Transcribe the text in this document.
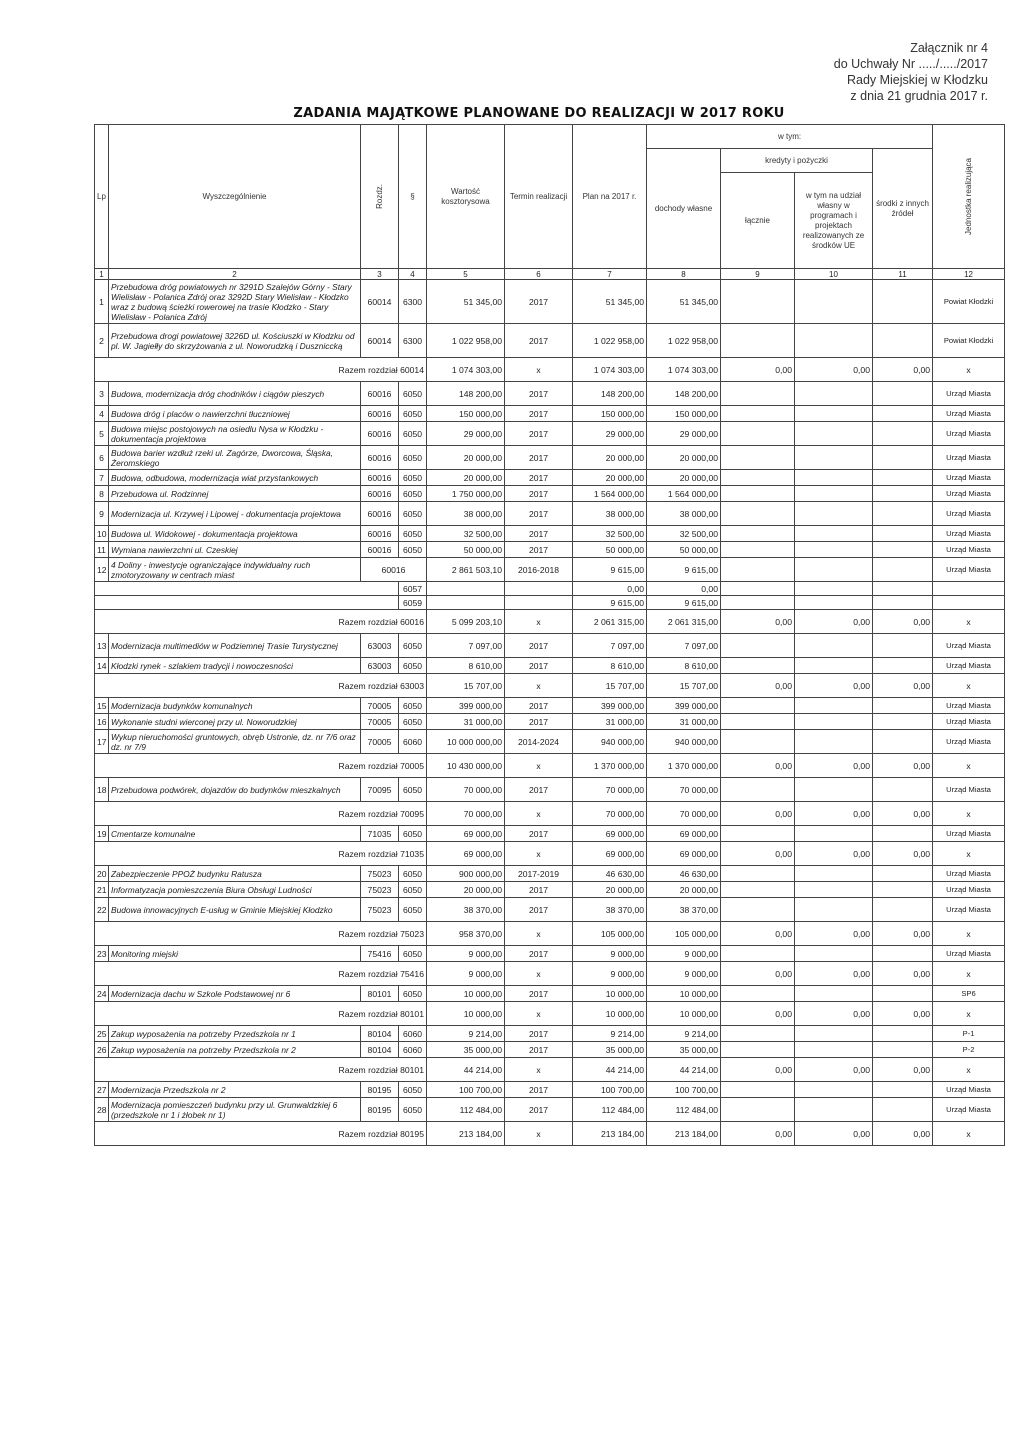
Załącznik nr 4
do Uchwały Nr ...../...../2017
Rady Miejskiej w Kłodzku
z dnia 21 grudnia 2017 r.
ZADANIA MAJĄTKOWE PLANOWANE DO REALIZACJI W 2017 ROKU
Lp	Wyszczególnienie	Rozdz.	§	Wartość kosztorysowa	Termin realizacji	Plan na 2017 r.	w tym:				Jednostka realizująca

							dochody własne	kredyty i pożyczki		środki z innych źródeł	
								łącznie	w tym na udział własny w programach i projektach realizowanych ze środków UE		
1	2	3	4	5	6	7	8	9	10	11	12
1	Przebudowa dróg powiatowych nr 3291D Szalejów Górny - Stary Wielisław - Polanica Zdrój oraz 3292D Stary Wielisław - Kłodzko wraz z budową ścieżki rowerowej na trasie Kłodzko - Stary Wielisław - Polanica Zdrój	60014	6300	51 345,00	2017	51 345,00	51 345,00				Powiat Kłodzki
2	Przebudowa drogi powiatowej 3226D ul. Kościuszki w Kłodzku od pl. W. Jagiełły do skrzyżowania z ul. Noworudzką i Duszniccką	60014	6300	1 022 958,00	2017	1 022 958,00	1 022 958,00				Powiat Kłodzki
Razem rozdział 60014				1 074 303,00	x	1 074 303,00	1 074 303,00	0,00	0,00	0,00	x
3	Budowa, modernizacja dróg chodników i ciągów pieszych	60016	6050	148 200,00	2017	148 200,00	148 200,00				Urząd Miasta
4	Budowa dróg i placów o nawierzchni tłuczniowej	60016	6050	150 000,00	2017	150 000,00	150 000,00				Urząd Miasta
5	Budowa miejsc postojowych na osiedlu Nysa w Kłodzku - dokumentacja projektowa	60016	6050	29 000,00	2017	29 000,00	29 000,00				Urząd Miasta
6	Budowa barier wzdłuż rzeki ul. Zagórze, Dworcowa, Śląska, Żeromskiego	60016	6050	20 000,00	2017	20 000,00	20 000,00				Urząd Miasta
7	Budowa, odbudowa, modernizacja wiat przystankowych	60016	6050	20 000,00	2017	20 000,00	20 000,00				Urząd Miasta
8	Przebudowa ul. Rodzinnej	60016	6050	1 750 000,00	2017	1 564 000,00	1 564 000,00				Urząd Miasta
9	Modernizacja ul. Krzywej i Lipowej - dokumentacja projektowa	60016	6050	38 000,00	2017	38 000,00	38 000,00				Urząd Miasta
10	Budowa ul. Widokowej - dokumentacja projektowa	60016	6050	32 500,00	2017	32 500,00	32 500,00				Urząd Miasta
11	Wymiana nawierzchni ul. Czeskiej	60016	6050	50 000,00	2017	50 000,00	50 000,00				Urząd Miasta
12	4 Doliny - inwestycje ograniczające indywidualny ruch zmotoryzowany w centrach miast	60016		2 861 503,10	2016-2018	9 615,00	9 615,00				Urząd Miasta
			6057			0,00	0,00				
			6059			9 615,00	9 615,00				
Razem rozdział 60016				5 099 203,10	x	2 061 315,00	2 061 315,00	0,00	0,00	0,00	x
13	Modernizacja multimediów w Podziemnej Trasie Turystycznej	63003	6050	7 097,00	2017	7 097,00	7 097,00				Urząd Miasta
14	Kłodzki rynek - szlakiem tradycji i nowoczesności	63003	6050	8 610,00	2017	8 610,00	8 610,00				Urząd Miasta
Razem rozdział 63003				15 707,00	x	15 707,00	15 707,00	0,00	0,00	0,00	x
15	Modernizacja budynków komunalnych	70005	6050	399 000,00	2017	399 000,00	399 000,00				Urząd Miasta
16	Wykonanie studni wierconej przy ul. Noworudzkiej	70005	6050	31 000,00	2017	31 000,00	31 000,00				Urząd Miasta
17	Wykup nieruchomości gruntowych, obręb Ustronie, dz. nr 7/6 oraz dz. nr 7/9	70005	6060	10 000 000,00	2014-2024	940 000,00	940 000,00				Urząd Miasta
Razem rozdział 70005				10 430 000,00	x	1 370 000,00	1 370 000,00	0,00	0,00	0,00	x
18	Przebudowa podwórek, dojazdów do budynków mieszkalnych	70095	6050	70 000,00	2017	70 000,00	70 000,00				Urząd Miasta
Razem rozdział 70095				70 000,00	x	70 000,00	70 000,00	0,00	0,00	0,00	x
19	Cmentarze komunalne	71035	6050	69 000,00	2017	69 000,00	69 000,00				Urząd Miasta
Razem rozdział 71035				69 000,00	x	69 000,00	69 000,00	0,00	0,00	0,00	x
20	Zabezpieczenie PPOŻ budynku Ratusza	75023	6050	900 000,00	2017-2019	46 630,00	46 630,00				Urząd Miasta
21	Informatyzacja pomieszczenia Biura Obsługi Ludności	75023	6050	20 000,00	2017	20 000,00	20 000,00				Urząd Miasta
22	Budowa innowacyjnych E-usług w Gminie Miejskiej Kłodzko	75023	6050	38 370,00	2017	38 370,00	38 370,00				Urząd Miasta
Razem rozdział 75023				958 370,00	x	105 000,00	105 000,00	0,00	0,00	0,00	x
23	Monitoring miejski	75416	6050	9 000,00	2017	9 000,00	9 000,00				Urząd Miasta
Razem rozdział 75416				9 000,00	x	9 000,00	9 000,00	0,00	0,00	0,00	x
24	Modernizacja dachu w Szkole Podstawowej nr 6	80101	6050	10 000,00	2017	10 000,00	10 000,00				SP6
Razem rozdział 80101				10 000,00	x	10 000,00	10 000,00	0,00	0,00	0,00	x
25	Zakup wyposażenia na potrzeby Przedszkola nr 1	80104	6060	9 214,00	2017	9 214,00	9 214,00				P-1
26	Zakup wyposażenia na potrzeby Przedszkola nr 2	80104	6060	35 000,00	2017	35 000,00	35 000,00				P-2
Razem rozdział 80101				44 214,00	x	44 214,00	44 214,00	0,00	0,00	0,00	x
27	Modernizacja Przedszkola nr 2	80195	6050	100 700,00	2017	100 700,00	100 700,00				Urząd Miasta
28	Modernizacja pomieszczeń budynku przy ul. Grunwaldzkiej 6 (przedszkole nr 1 i żłobek nr 1)	80195	6050	112 484,00	2017	112 484,00	112 484,00				Urząd Miasta
Razem rozdział 80195				213 184,00	x	213 184,00	213 184,00	0,00	0,00	0,00	x
